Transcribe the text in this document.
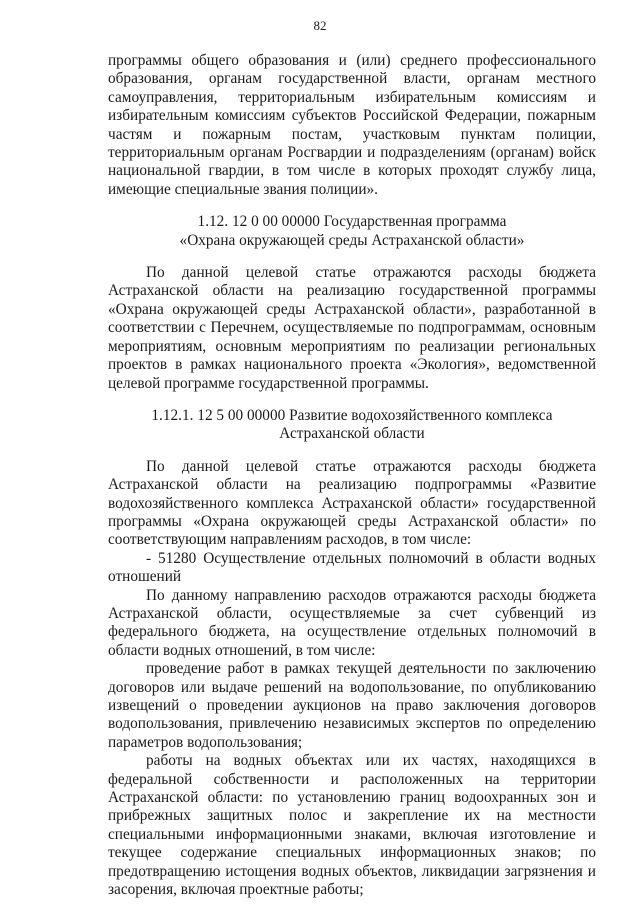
82

программы общего образования и (или) среднего профессионального образования, органам государственной власти, органам местного самоуправления, территориальным избирательным комиссиям и избирательным комиссиям субъектов Российской Федерации, пожарным частям и пожарным постам, участковым пунктам полиции, территориальным органам Росгвардии и подразделениям (органам) войск национальной гвардии, в том числе в которых проходят службу лица, имеющие специальные звания полиции».

1.12. 12 0 00 00000 Государственная программа
«Охрана окружающей среды Астраханской области»

По данной целевой статье отражаются расходы бюджета Астраханской области на реализацию государственной программы «Охрана окружающей среды Астраханской области», разработанной в соответствии с Перечнем, осуществляемые по подпрограммам, основным мероприятиям, основным мероприятиям по реализации региональных проектов в рамках национального проекта «Экология», ведомственной целевой программе государственной программы.

1.12.1. 12 5 00 00000 Развитие водохозяйственного комплекса
Астраханской области

По данной целевой статье отражаются расходы бюджета Астраханской области на реализацию подпрограммы «Развитие водохозяйственного комплекса Астраханской области» государственной программы «Охрана окружающей среды Астраханской области» по соответствующим направлениям расходов, в том числе:

- 51280 Осуществление отдельных полномочий в области водных отношений

По данному направлению расходов отражаются расходы бюджета Астраханской области, осуществляемые за счет субвенций из федерального бюджета, на осуществление отдельных полномочий в области водных отношений, в том числе:

проведение работ в рамках текущей деятельности по заключению договоров или выдаче решений на водопользование, по опубликованию извещений о проведении аукционов на право заключения договоров водопользования, привлечению независимых экспертов по определению параметров водопользования;

работы на водных объектах или их частях, находящихся в федеральной собственности и расположенных на территории Астраханской области: по установлению границ водоохранных зон и прибрежных защитных полос и закрепление их на местности специальными информационными знаками, включая изготовление и текущее содержание специальных информационных знаков; по предотвращению истощения водных объектов, ликвидации загрязнения и засорения, включая проектные работы;
